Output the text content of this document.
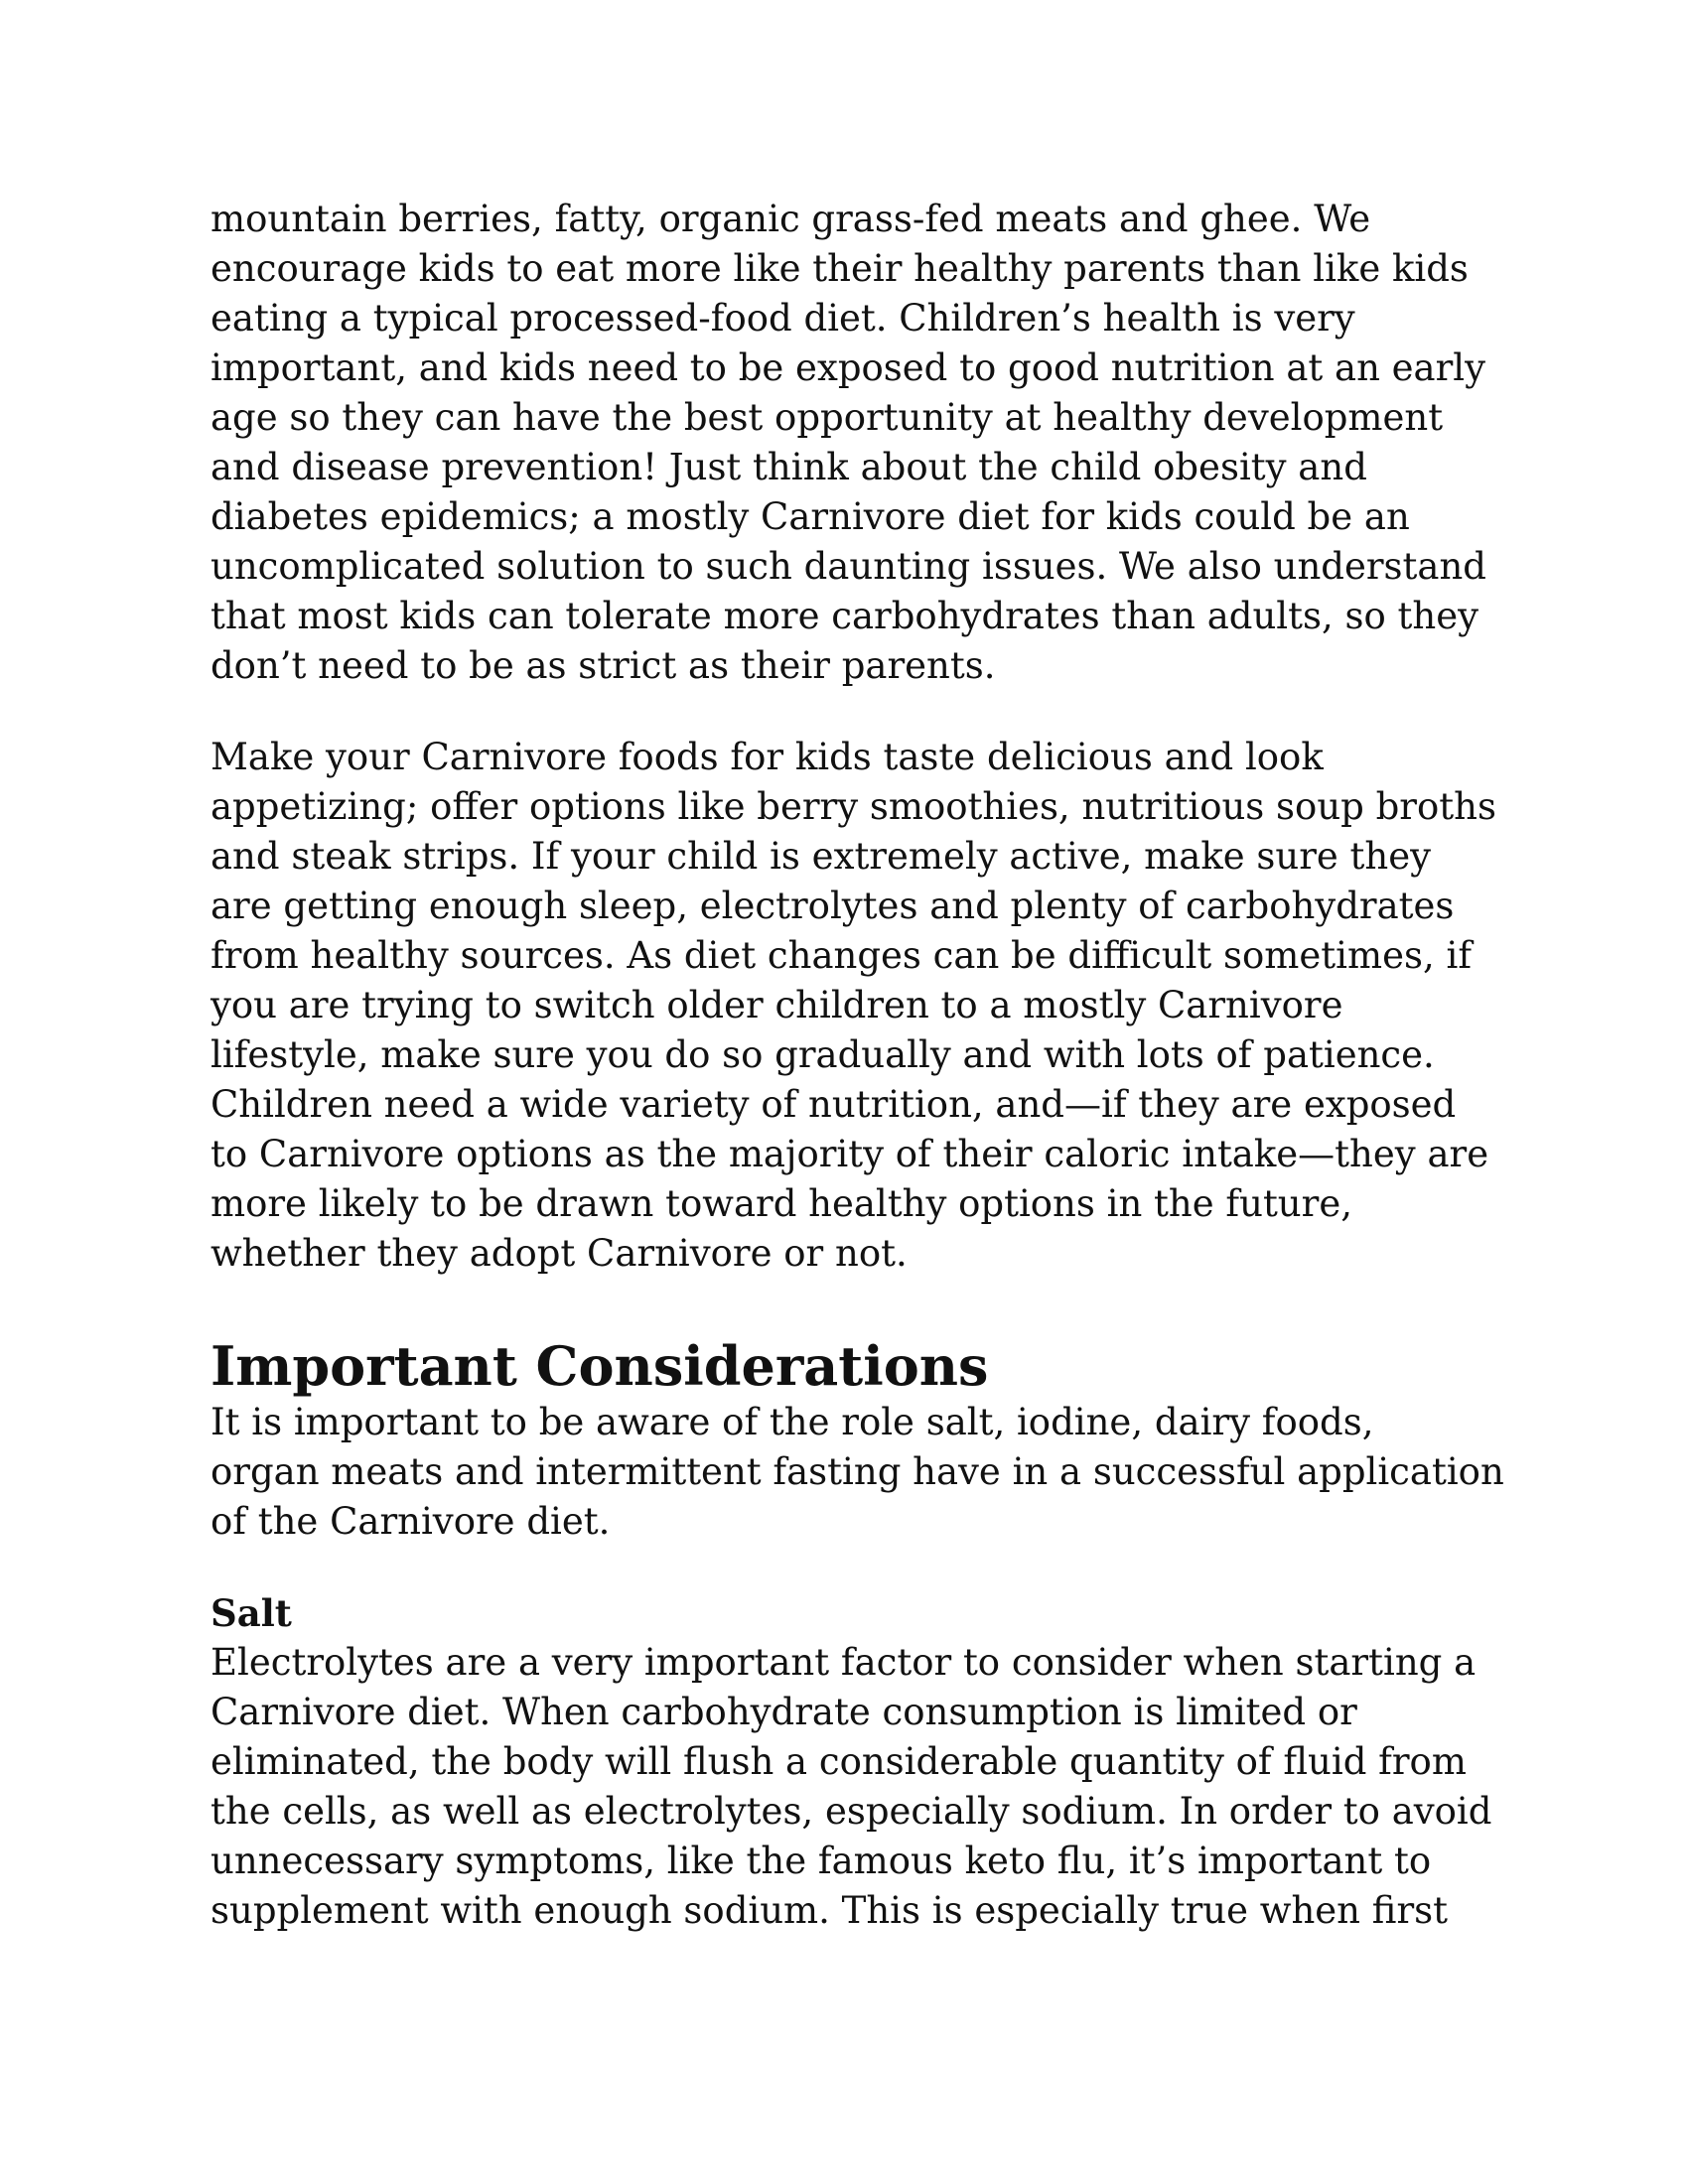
mountain berries, fatty, organic grass-fed meats and ghee. We
encourage kids to eat more like their healthy parents than like kids
eating a typical processed-food diet. Children’s health is very
important, and kids need to be exposed to good nutrition at an early
age so they can have the best opportunity at healthy development
and disease prevention! Just think about the child obesity and
diabetes epidemics; a mostly Carnivore diet for kids could be an
uncomplicated solution to such daunting issues. We also understand
that most kids can tolerate more carbohydrates than adults, so they
don’t need to be as strict as their parents.

Make your Carnivore foods for kids taste delicious and look
appetizing; offer options like berry smoothies, nutritious soup broths
and steak strips. If your child is extremely active, make sure they
are getting enough sleep, electrolytes and plenty of carbohydrates
from healthy sources. As diet changes can be difficult sometimes, if
you are trying to switch older children to a mostly Carnivore
lifestyle, make sure you do so gradually and with lots of patience.
Children need a wide variety of nutrition, and—if they are exposed
to Carnivore options as the majority of their caloric intake—they are
more likely to be drawn toward healthy options in the future,
whether they adopt Carnivore or not.

Important Considerations

It is important to be aware of the role salt, iodine, dairy foods,
organ meats and intermittent fasting have in a successful application
of the Carnivore diet.

Salt

Electrolytes are a very important factor to consider when starting a
Carnivore diet. When carbohydrate consumption is limited or
eliminated, the body will flush a considerable quantity of fluid from
the cells, as well as electrolytes, especially sodium. In order to avoid
unnecessary symptoms, like the famous keto flu, it’s important to
supplement with enough sodium. This is especially true when first
